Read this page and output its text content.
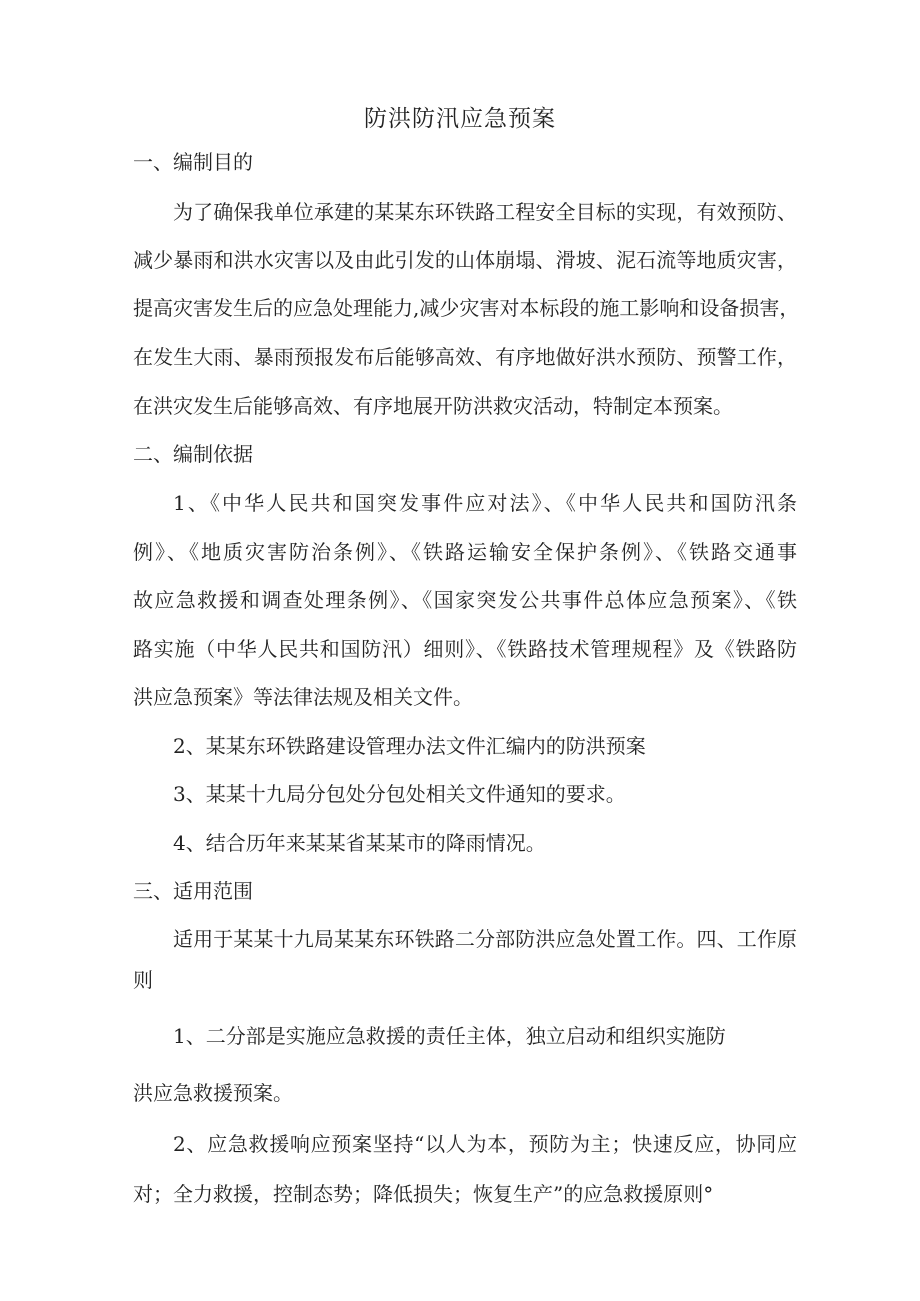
防洪防汛应急预案
一、编制目的
为了确保我单位承建的某某东环铁路工程安全目标的实现，有效预防、
减少暴雨和洪水灾害以及由此引发的山体崩塌、滑坡、泥石流等地质灾害，
提高灾害发生后的应急处理能力,减少灾害对本标段的施工影响和设备损害，
在发生大雨、暴雨预报发布后能够高效、有序地做好洪水预防、预警工作，
在洪灾发生后能够高效、有序地展开防洪救灾活动，特制定本预案。
二、编制依据
1、《中华人民共和国突发事件应对法》、《中华人民共和国防汛条
例》、《地质灾害防治条例》、《铁路运输安全保护条例》、《铁路交通事
故应急救援和调查处理条例》、《国家突发公共事件总体应急预案》、《铁
路实施（中华人民共和国防汛）细则》、《铁路技术管理规程》及《铁路防
洪应急预案》等法律法规及相关文件。
2、某某东环铁路建设管理办法文件汇编内的防洪预案
3、某某十九局分包处分包处相关文件通知的要求。
4、结合历年来某某省某某市的降雨情况。
三、适用范围
适用于某某十九局某某东环铁路二分部防洪应急处置工作。四、工作原
则
1、二分部是实施应急救援的责任主体，独立启动和组织实施防
洪应急救援预案。
2、应急救援响应预案坚持“以人为本，预防为主；快速反应，协同应
对；全力救援，控制态势；降低损失；恢复生产”的应急救援原则°
